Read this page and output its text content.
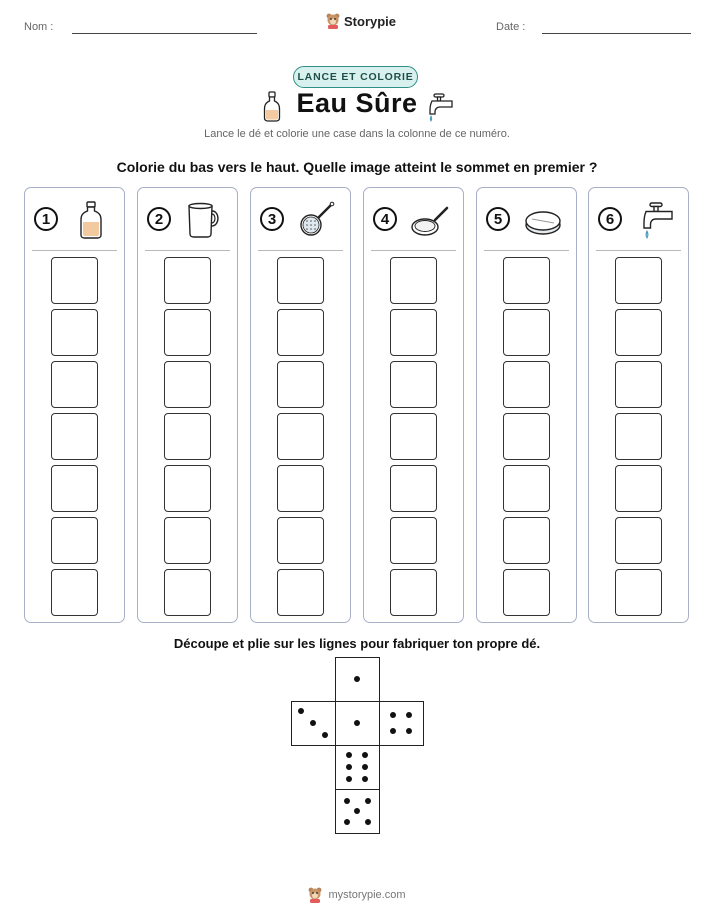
Nom :	Storypie	Date :
LANCE ET COLORIE
Eau Sûre
Lance le dé et colorie une case dans la colonne de ce numéro.
Colorie du bas vers le haut. Quelle image atteint le sommet en premier ?
1	2	3	4	5	6
Découpe et plie sur les lignes pour fabriquer ton propre dé.
mystorypie.com
